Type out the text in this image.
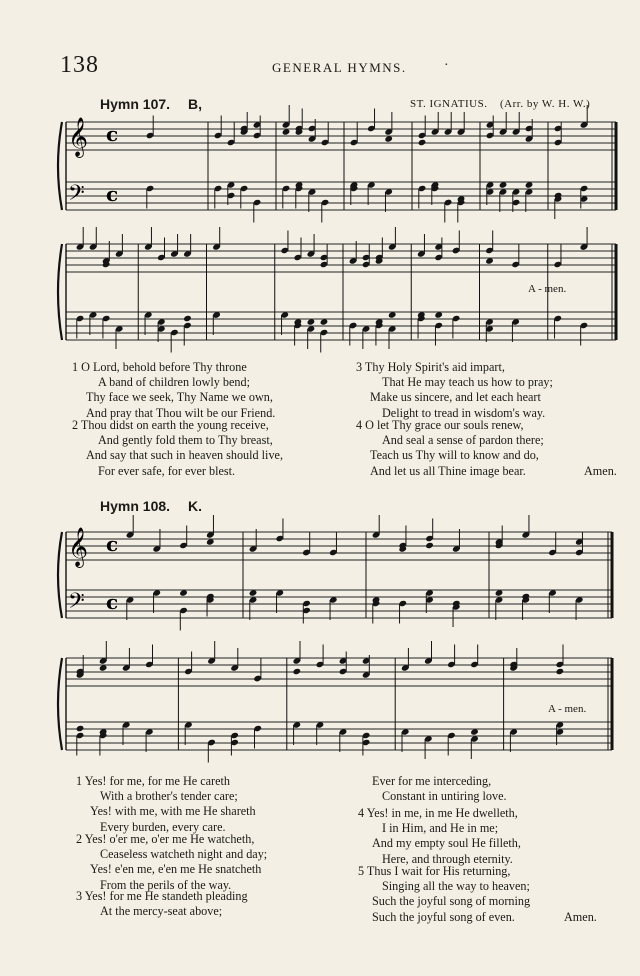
138	GENERAL HYMNS.	·
Hymn 107. B,	ST. IGNATIUS. (Arr. by W. H. W.)
𝄞
𝄢
c
c
A - men.
1 O Lord, behold before Thy throne
A band of children lowly bend;
Thy face we seek, Thy Name we own,
And pray that Thou wilt be our Friend.
2 Thou didst on earth the young receive,
And gently fold them to Thy breast,
And say that such in heaven should live,
For ever safe, for ever blest.
3 Thy Holy Spirit's aid impart,
That He may teach us how to pray;
Make us sincere, and let each heart
Delight to tread in wisdom's way.
4 O let Thy grace our souls renew,
And seal a sense of pardon there;
Teach us Thy will to know and do,
And let us all Thine image bear.	Amen.
Hymn 108. K.
𝄞
𝄢
c
c
A - men.
1 Yes! for me, for me He careth
With a brother's tender care;
Yes! with me, with me He shareth
Every burden, every care.
2 Yes! o'er me, o'er me He watcheth,
Ceaseless watcheth night and day;
Yes! e'en me, e'en me He snatcheth
From the perils of the way.
3 Yes! for me He standeth pleading
At the mercy-seat above;
Ever for me interceding,
Constant in untiring love.
4 Yes! in me, in me He dwelleth,
I in Him, and He in me;
And my empty soul He filleth,
Here, and through eternity.
5 Thus I wait for His returning,
Singing all the way to heaven;
Such the joyful song of morning
Such the joyful song of even.	Amen.
